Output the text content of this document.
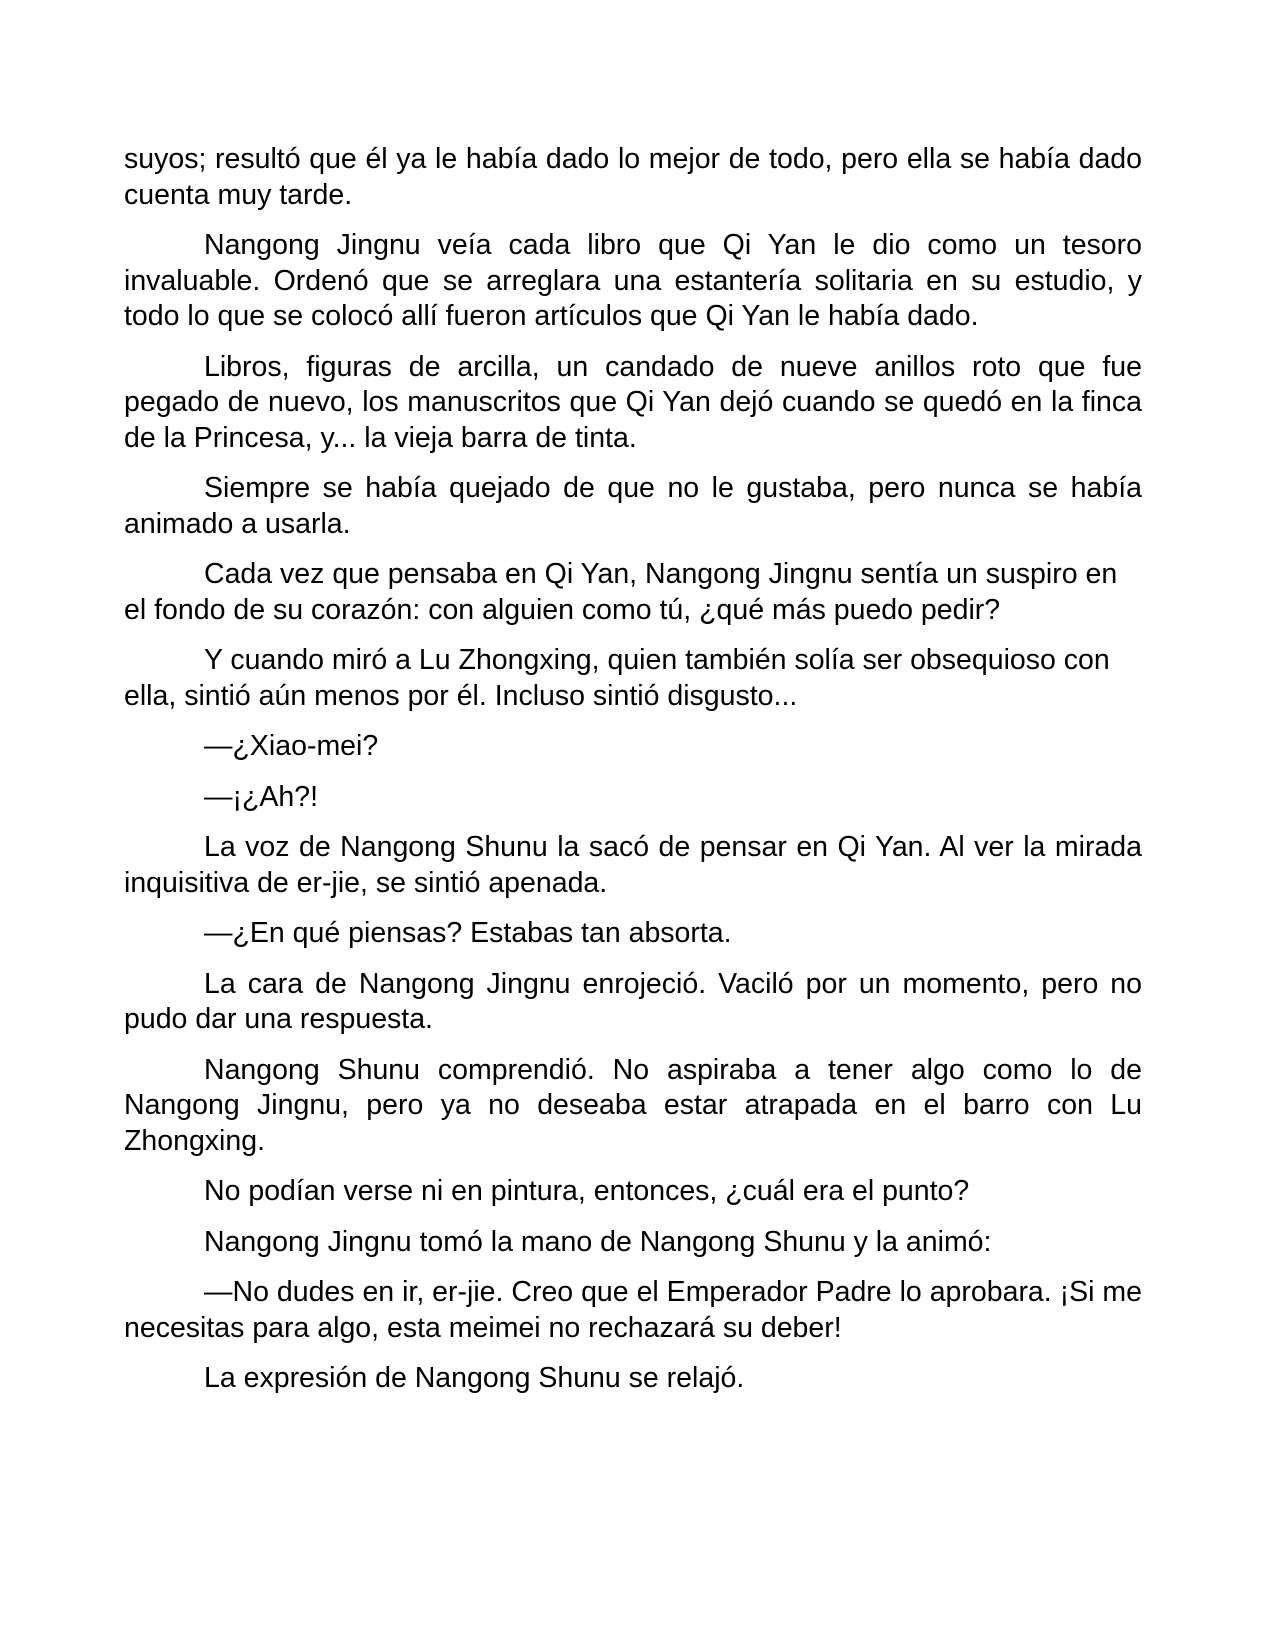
suyos; resultó que él ya le había dado lo mejor de todo, pero ella se había dado cuenta muy tarde.

Nangong Jingnu veía cada libro que Qi Yan le dio como un tesoro invaluable. Ordenó que se arreglara una estantería solitaria en su estudio, y todo lo que se colocó allí fueron artículos que Qi Yan le había dado.

Libros, figuras de arcilla, un candado de nueve anillos roto que fue pegado de nuevo, los manuscritos que Qi Yan dejó cuando se quedó en la finca de la Princesa, y... la vieja barra de tinta.

Siempre se había quejado de que no le gustaba, pero nunca se había animado a usarla.

Cada vez que pensaba en Qi Yan, Nangong Jingnu sentía un suspiro en el fondo de su corazón: con alguien como tú, ¿qué más puedo pedir?

Y cuando miró a Lu Zhongxing, quien también solía ser obsequioso con ella, sintió aún menos por él. Incluso sintió disgusto...

—¿Xiao-mei?

—¡¿Ah?!

La voz de Nangong Shunu la sacó de pensar en Qi Yan. Al ver la mirada inquisitiva de er-jie, se sintió apenada.

—¿En qué piensas? Estabas tan absorta.

La cara de Nangong Jingnu enrojeció. Vaciló por un momento, pero no pudo dar una respuesta.

Nangong Shunu comprendió. No aspiraba a tener algo como lo de Nangong Jingnu, pero ya no deseaba estar atrapada en el barro con Lu Zhongxing.

No podían verse ni en pintura, entonces, ¿cuál era el punto?

Nangong Jingnu tomó la mano de Nangong Shunu y la animó:

—No dudes en ir, er-jie. Creo que el Emperador Padre lo aprobara. ¡Si me necesitas para algo, esta meimei no rechazará su deber!

La expresión de Nangong Shunu se relajó.
